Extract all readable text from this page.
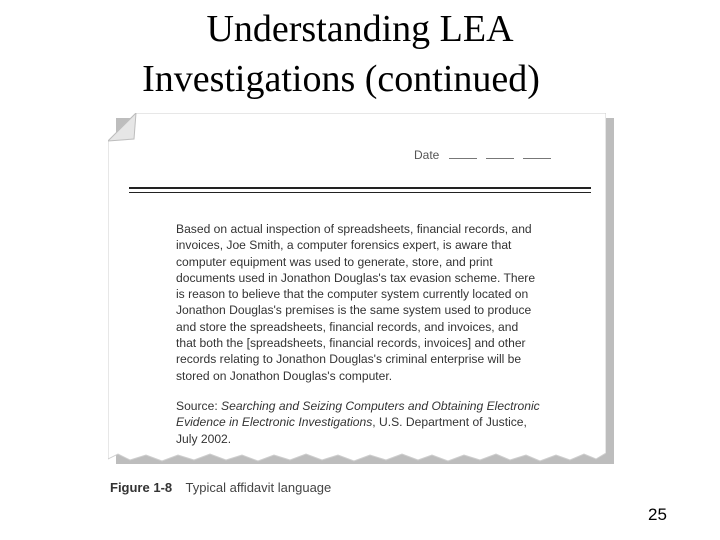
Understanding LEA
Investigations (continued)
Date
Based on actual inspection of spreadsheets, financial records, and
invoices, Joe Smith, a computer forensics expert, is aware that
computer equipment was used to generate, store, and print
documents used in Jonathon Douglas's tax evasion scheme. There
is reason to believe that the computer system currently located on
Jonathon Douglas's premises is the same system used to produce
and store the spreadsheets, financial records, and invoices, and
that both the [spreadsheets, financial records, invoices] and other
records relating to Jonathon Douglas's criminal enterprise will be
stored on Jonathon Douglas's computer.
Source: Searching and Seizing Computers and Obtaining Electronic
Evidence in Electronic Investigations, U.S. Department of Justice,
July 2002.
Figure 1-8 Typical affidavit language
25
